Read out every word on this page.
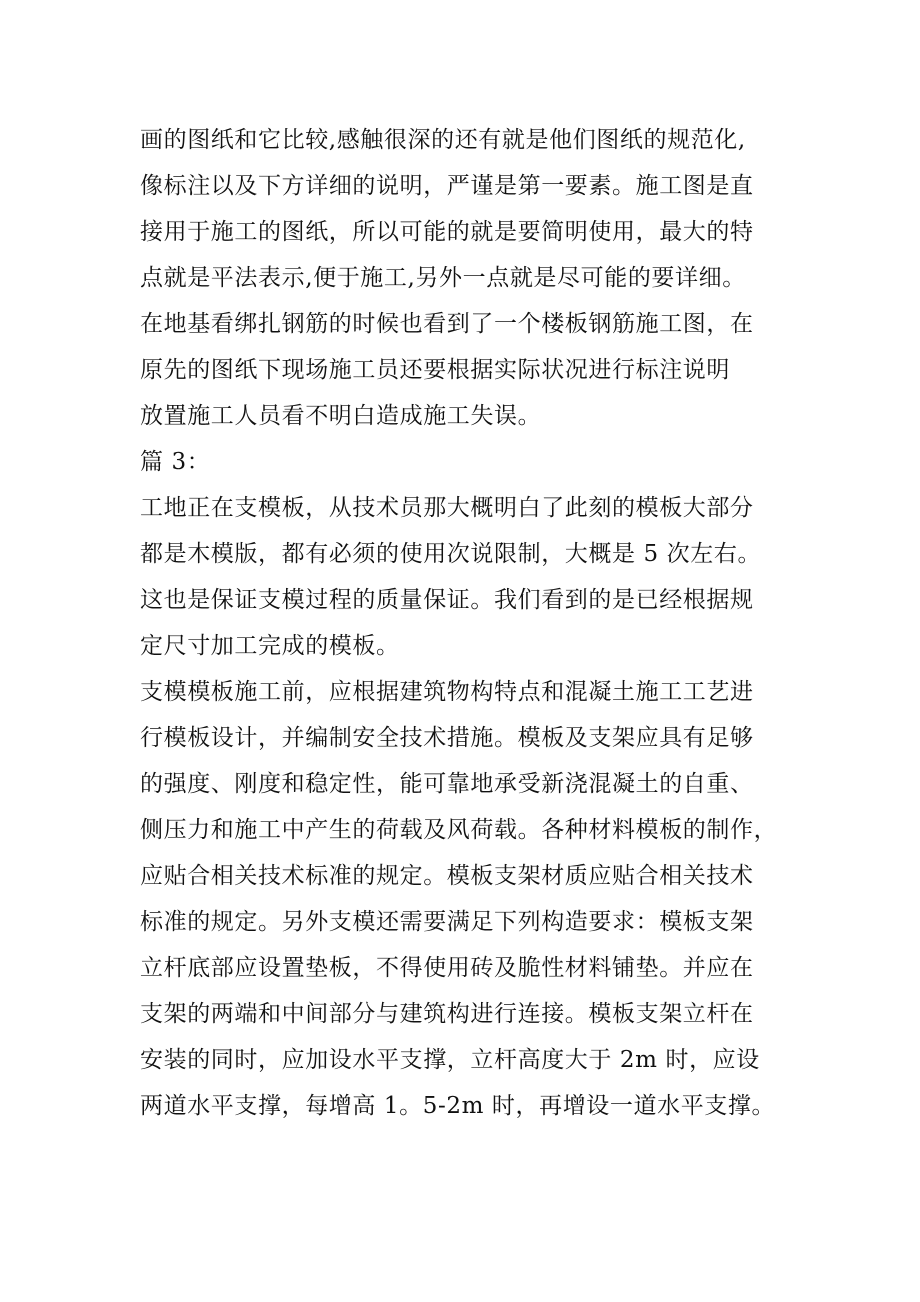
画的图纸和它比较,感触很深的还有就是他们图纸的规范化,
像标注以及下方详细的说明，严谨是第一要素。施工图是直
接用于施工的图纸，所以可能的就是要简明使用，最大的特
点就是平法表示,便于施工,另外一点就是尽可能的要详细。
在地基看绑扎钢筋的时候也看到了一个楼板钢筋施工图，在
原先的图纸下现场施工员还要根据实际状况进行标注说明
放置施工人员看不明白造成施工失误。
篇 3：
工地正在支模板，从技术员那大概明白了此刻的模板大部分
都是木模版，都有必须的使用次说限制，大概是 5 次左右。
这也是保证支模过程的质量保证。我们看到的是已经根据规
定尺寸加工完成的模板。
支模模板施工前，应根据建筑物构特点和混凝土施工工艺进
行模板设计，并编制安全技术措施。模板及支架应具有足够
的强度、刚度和稳定性，能可靠地承受新浇混凝土的自重、
侧压力和施工中产生的荷载及风荷载。各种材料模板的制作，
应贴合相关技术标准的规定。模板支架材质应贴合相关技术
标准的规定。另外支模还需要满足下列构造要求：模板支架
立杆底部应设置垫板，不得使用砖及脆性材料铺垫。并应在
支架的两端和中间部分与建筑构进行连接。模板支架立杆在
安装的同时，应加设水平支撑，立杆高度大于 2m 时，应设
两道水平支撑，每增高 1。5-2m 时，再增设一道水平支撑。
